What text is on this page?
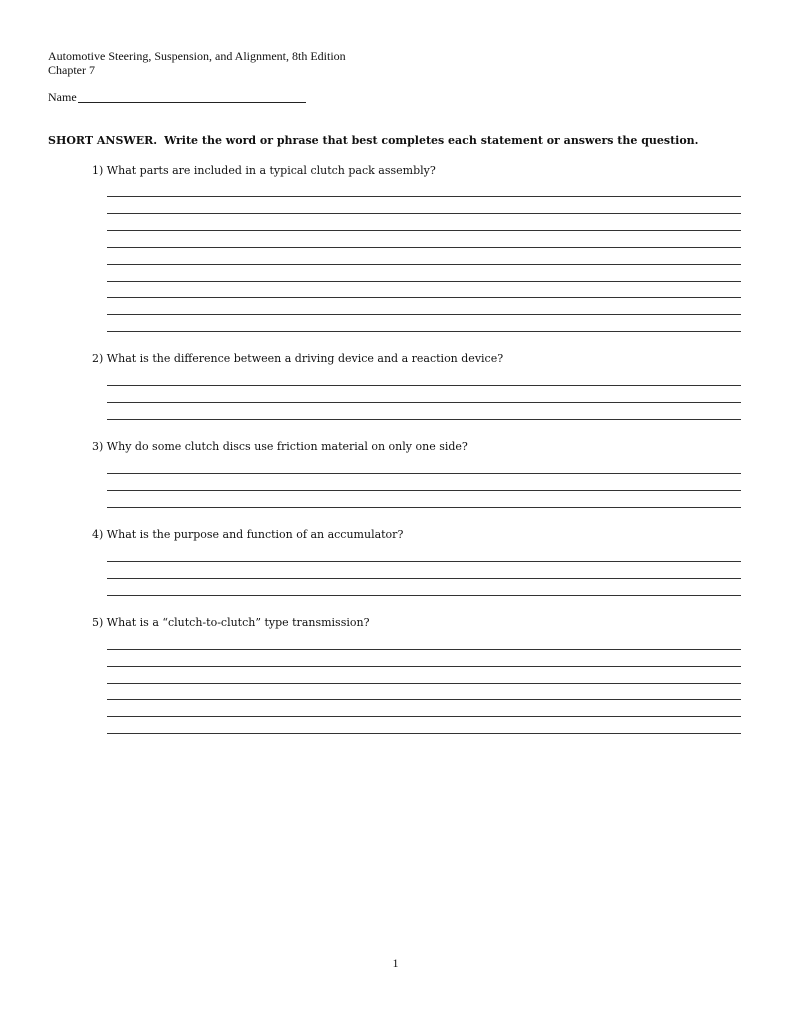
Automotive Steering, Suspension, and Alignment, 8th Edition
Chapter 7
Name
SHORT ANSWER. Write the word or phrase that best completes each statement or answers the question.
1) What parts are included in a typical clutch pack assembly?
2) What is the difference between a driving device and a reaction device?
3) Why do some clutch discs use friction material on only one side?
4) What is the purpose and function of an accumulator?
5) What is a “clutch-to-clutch” type transmission?
1
